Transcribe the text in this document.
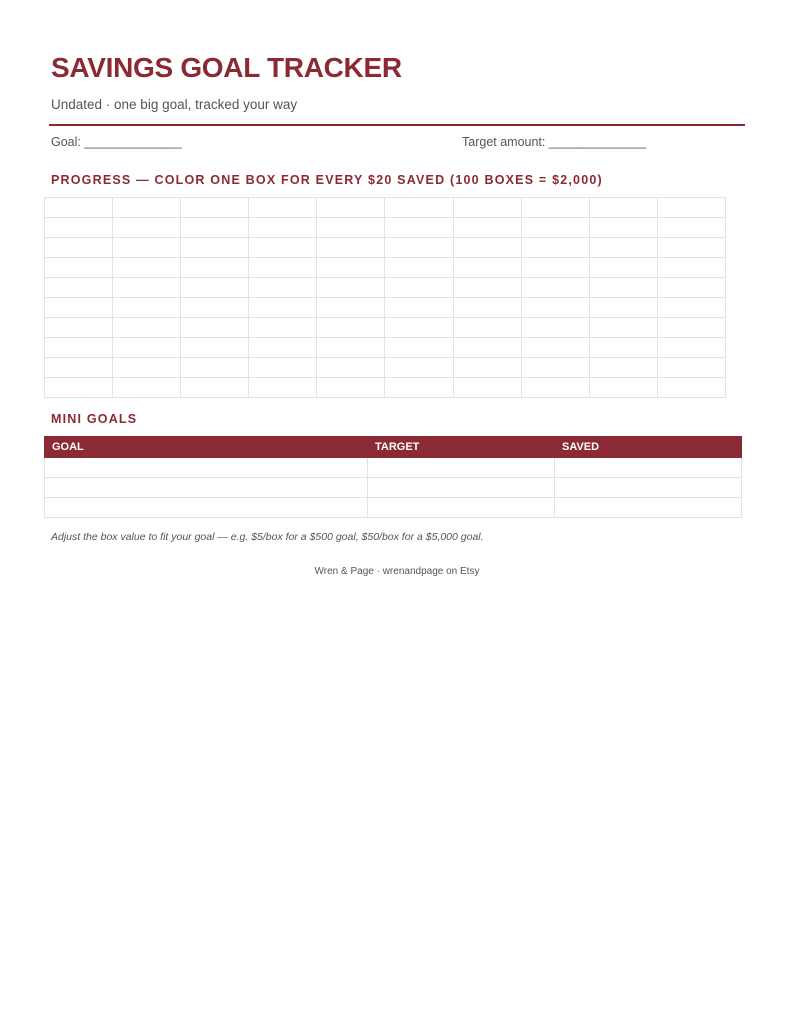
SAVINGS GOAL TRACKER
Undated · one big goal, tracked your way
Goal: ______________	Target amount: ______________
PROGRESS — COLOR ONE BOX FOR EVERY $20 SAVED (100 BOXES = $2,000)

MINI GOALS
GOAL	TARGET	SAVED

Adjust the box value to fit your goal — e.g. $5/box for a $500 goal, $50/box for a $5,000 goal.
Wren & Page · wrenandpage on Etsy
